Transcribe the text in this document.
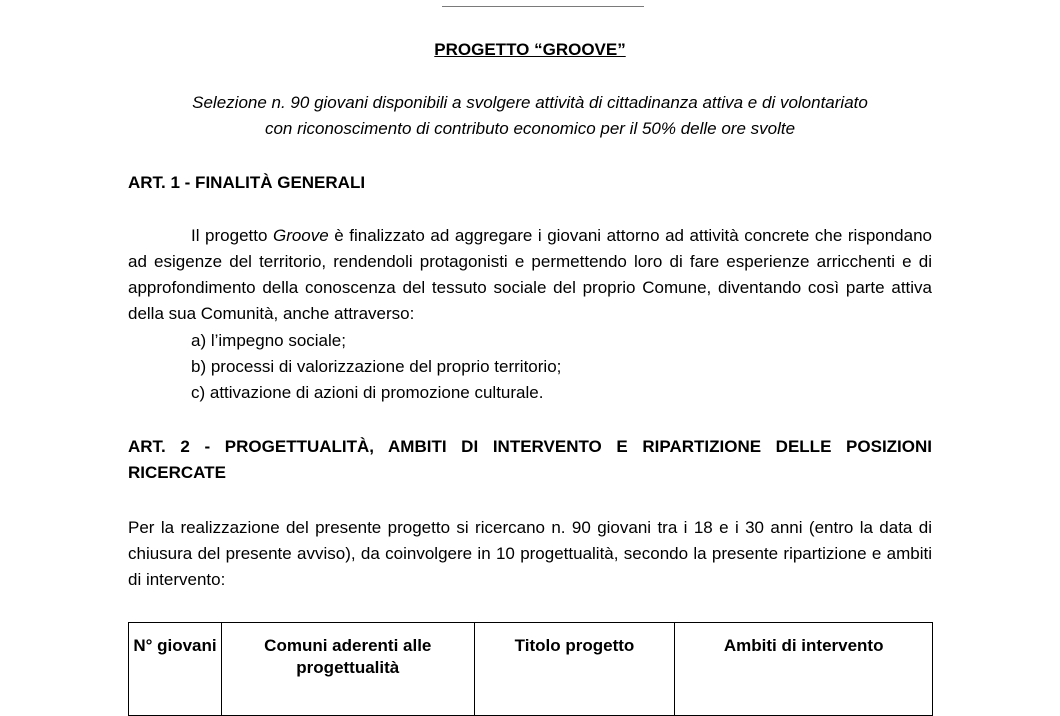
PROGETTO “GROOVE”

Selezione n. 90 giovani disponibili a svolgere attività di cittadinanza attiva e di volontariato
con riconoscimento di contributo economico per il 50% delle ore svolte

ART. 1 - FINALITÀ GENERALI

Il progetto Groove è finalizzato ad aggregare i giovani attorno ad attività concrete che rispondano ad esigenze del territorio, rendendoli protagonisti e permettendo loro di fare esperienze arricchenti e di approfondimento della conoscenza del tessuto sociale del proprio Comune, diventando così parte attiva della sua Comunità, anche attraverso:

a) l’impegno sociale;
b) processi di valorizzazione del proprio territorio;
c) attivazione di azioni di promozione culturale.
ART. 2 - PROGETTUALITÀ, AMBITI DI INTERVENTO E RIPARTIZIONE DELLE POSIZIONI RICERCATE

Per la realizzazione del presente progetto si ricercano n. 90 giovani tra i 18 e i 30 anni (entro la data di chiusura del presente avviso), da coinvolgere in 10 progettualità, secondo la presente ripartizione e ambiti di intervento:

N° giovani	Comuni aderenti alle progettualità	Titolo progetto	Ambiti di intervento
